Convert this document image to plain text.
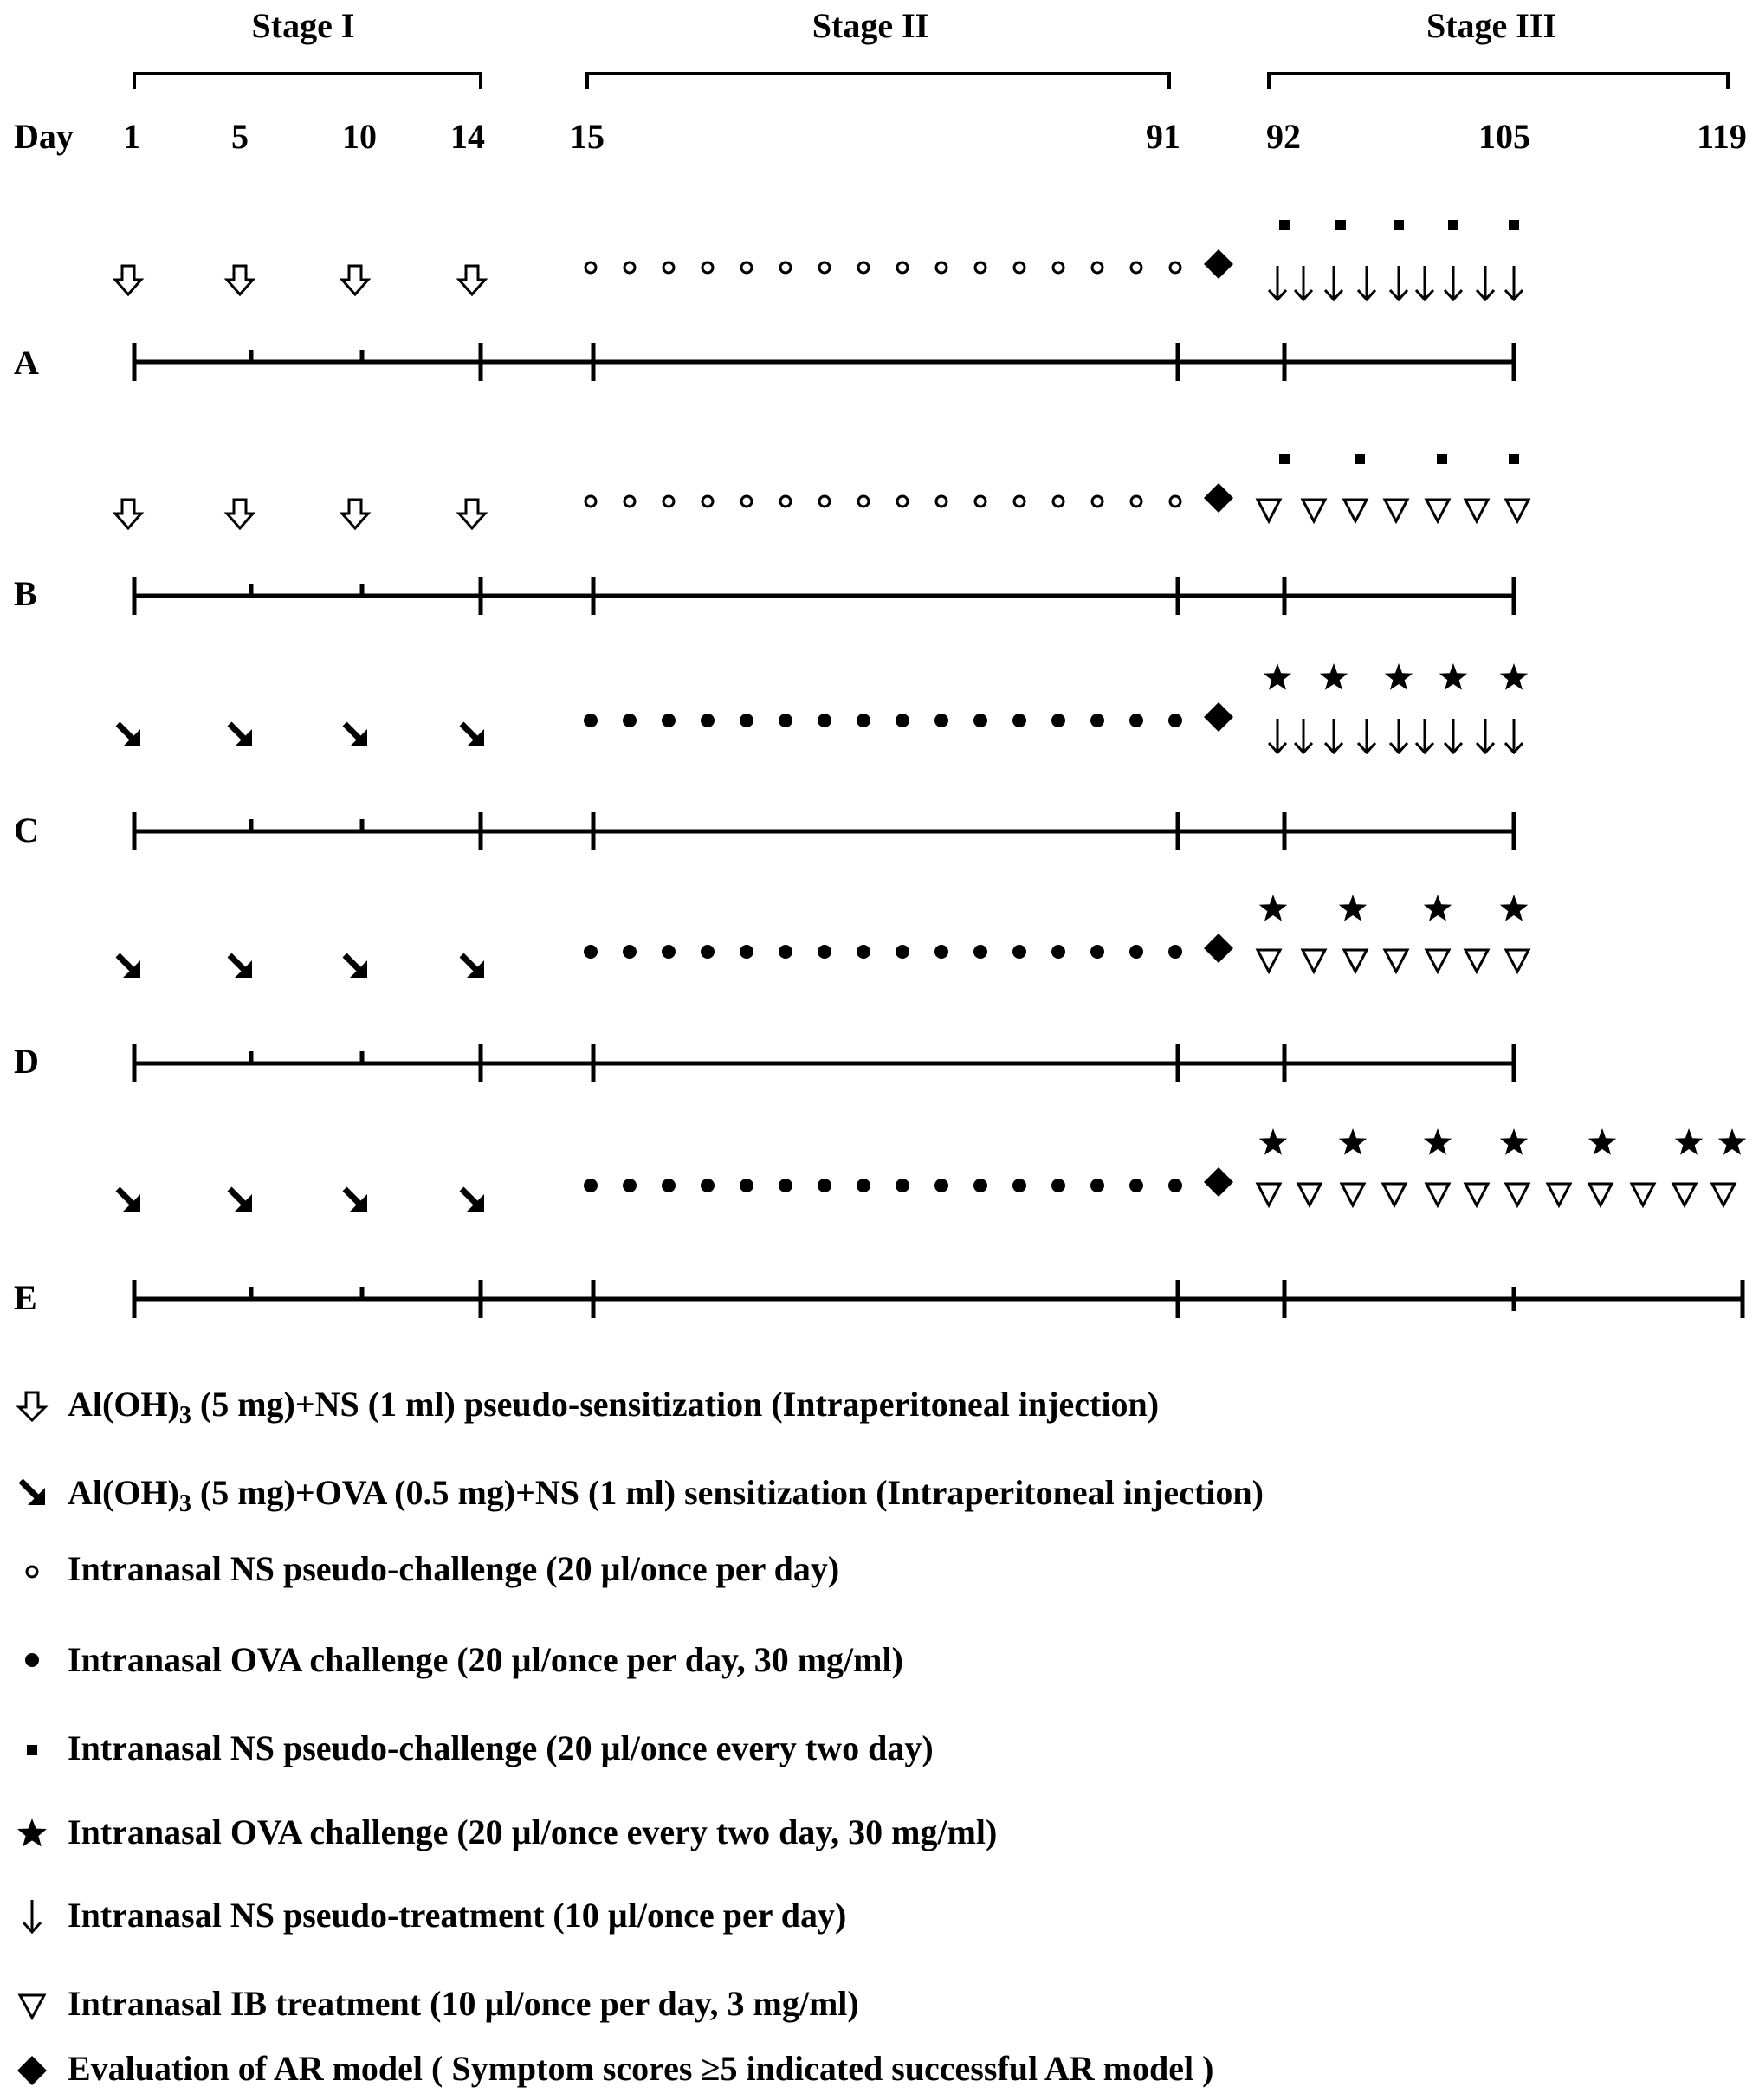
Stage I	Stage II	Stage III
Day 1	5	10 14 15	91 92	105	119
A
B
C
D
E
$Al(OH)_3$ (5 mg)+NS (1 ml) pseudo-sensitization (Intraperitoneal injection)
$Al(OH)_3$ (5 mg)+OVA (0.5 mg)+NS (1 ml) sensitization (Intraperitoneal injection)
Intranasal NS pseudo-challenge (20 µl/once per day)
Intranasal OVA challenge (20 µl/once per day, 30 mg/ml)
Intranasal NS pseudo-challenge (20 µl/once every two day)
Intranasal OVA challenge (20 µl/once every two day, 30 mg/ml)
Intranasal NS pseudo-treatment (10 µl/once per day)
Intranasal IB treatment (10 µl/once per day, 3 mg/ml)
Evaluation of AR model ( Symptom scores ≥5 indicated successful AR model )
